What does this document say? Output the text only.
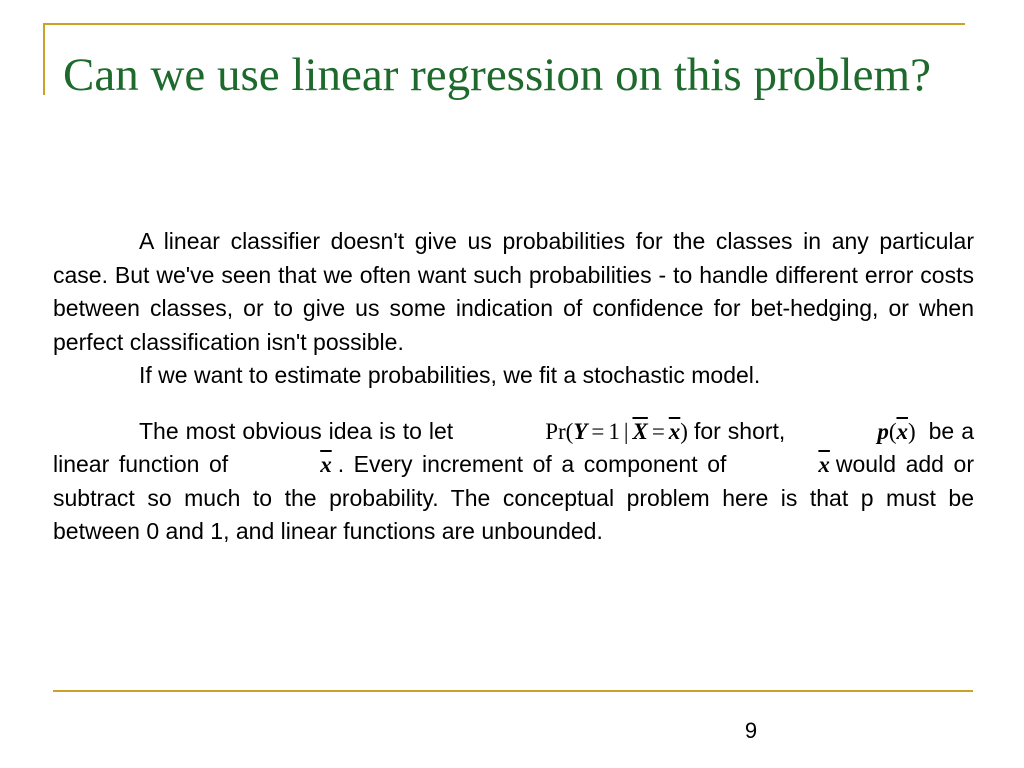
Can we use linear regression on this problem?

A linear classifier doesn't give us probabilities for the classes in any particular case. But we've seen that we often want such probabilities - to handle different error costs between classes, or to give us some indication of confidence for bet-hedging, or when perfect classification isn't possible.

If we want to estimate probabilities, we fit a stochastic model.

The most obvious idea is to let	Pr(Y = 1 | $\overline{X} = \overline{x}$) for short,	$p(\overline{x})$ be a linear function of	$\overline{x}$ . Every increment of a component of	$\overline{x}$ would add or subtract so much to the probability. The conceptual problem here is that p must be between 0 and 1, and linear functions are unbounded.

9
